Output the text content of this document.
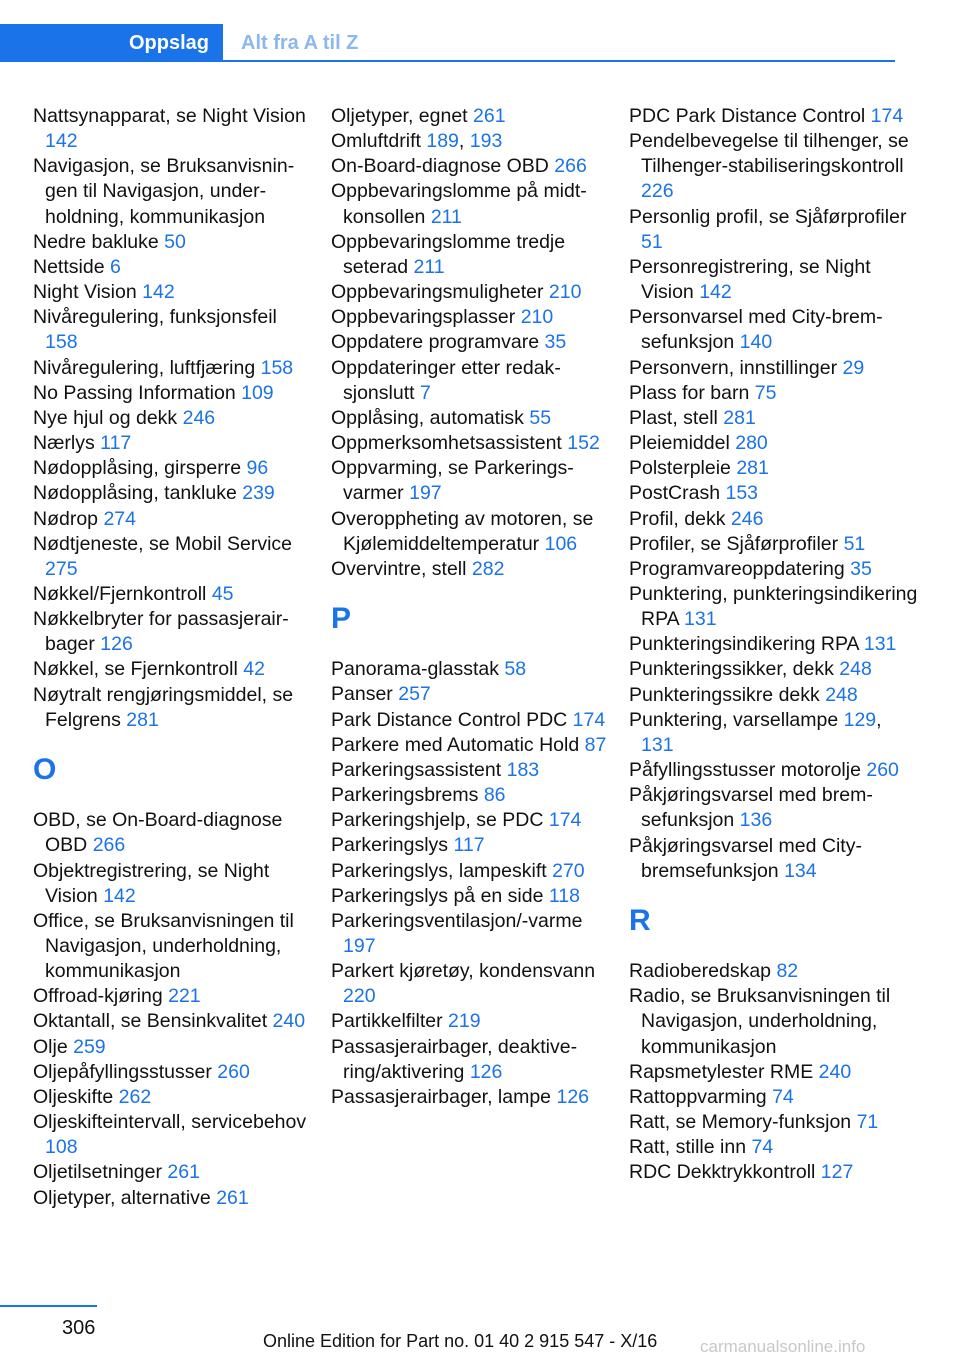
Oppslag	Alt fra A til Z
Nattsynapparat, se Night Vision 142
Navigasjon, se Bruksanvisningen til Navigasjon, underholdning, kommunikasjon
Nedre bakluke 50
Nettside 6
Night Vision 142
Nivåregulering, funksjonsfeil 158
Nivåregulering, luftfjæring 158
No Passing Information 109
Nye hjul og dekk 246
Nærlys 117
Nødopplåsing, girsperre 96
Nødopplåsing, tankluke 239
Nødrop 274
Nødtjeneste, se Mobil Service 275
Nøkkel/Fjernkontroll 45
Nøkkelbryter for passasjerairbager 126
Nøkkel, se Fjernkontroll 42
Nøytralt rengjøringsmiddel, se Felgrens 281
O
OBD, se On-Board-diagnose OBD 266
Objektregistrering, se Night Vision 142
Office, se Bruksanvisningen til Navigasjon, underholdning, kommunikasjon
Offroad-kjøring 221
Oktantall, se Bensinkvalitet 240
Olje 259
Oljepåfyllingsstusser 260
Oljeskifte 262
Oljeskifteintervall, servicebehov 108
Oljetilsetninger 261
Oljetyper, alternative 261
Oljetyper, egnet 261
Omluftdrift 189, 193
On-Board-diagnose OBD 266
Oppbevaringslomme på midtkonsollen 211
Oppbevaringslomme tredje seterad 211
Oppbevaringsmuligheter 210
Oppbevaringsplasser 210
Oppdatere programvare 35
Oppdateringer etter redaksjonslutt 7
Opplåsing, automatisk 55
Oppmerksomhetsassistent 152
Oppvarming, se Parkeringsvarmer 197
Overoppheting av motoren, se Kjølemiddeltemperatur 106
Overvintre, stell 282
P
Panorama-glasstak 58
Panser 257
Park Distance Control PDC 174
Parkere med Automatic Hold 87
Parkeringsassistent 183
Parkeringsbrems 86
Parkeringshjelp, se PDC 174
Parkeringslys 117
Parkeringslys, lampeskift 270
Parkeringslys på en side 118
Parkeringsventilasjon/-varme 197
Parkert kjøretøy, kondensvann 220
Partikkelfilter 219
Passasjerairbager, deaktivering/aktivering 126
Passasjerairbager, lampe 126
PDC Park Distance Control 174
Pendelbevegelse til tilhenger, se Tilhenger-stabiliseringskontroll 226
Personlig profil, se Sjåførprofiler 51
Personregistrering, se Night Vision 142
Personvarsel med City-bremsefunksjon 140
Personvern, innstillinger 29
Plass for barn 75
Plast, stell 281
Pleiemiddel 280
Polsterpleie 281
PostCrash 153
Profil, dekk 246
Profiler, se Sjåførprofiler 51
Programvareoppdatering 35
Punktering, punkteringsindikering RPA 131
Punkteringsindikering RPA 131
Punkteringssikker, dekk 248
Punkteringssikre dekk 248
Punktering, varsellampe 129, 131
Påfyllingsstusser motorolje 260
Påkjøringsvarsel med bremsefunksjon 136
Påkjøringsvarsel med City-bremsefunksjon 134
R
Radioberedskap 82
Radio, se Bruksanvisningen til Navigasjon, underholdning, kommunikasjon
Rapsmetylester RME 240
Rattoppvarming 74
Ratt, se Memory-funksjon 71
Ratt, stille inn 74
RDC Dekktrykkontroll 127
306
Online Edition for Part no. 01 40 2 915 547 - X/16	carmanualsonline.info
